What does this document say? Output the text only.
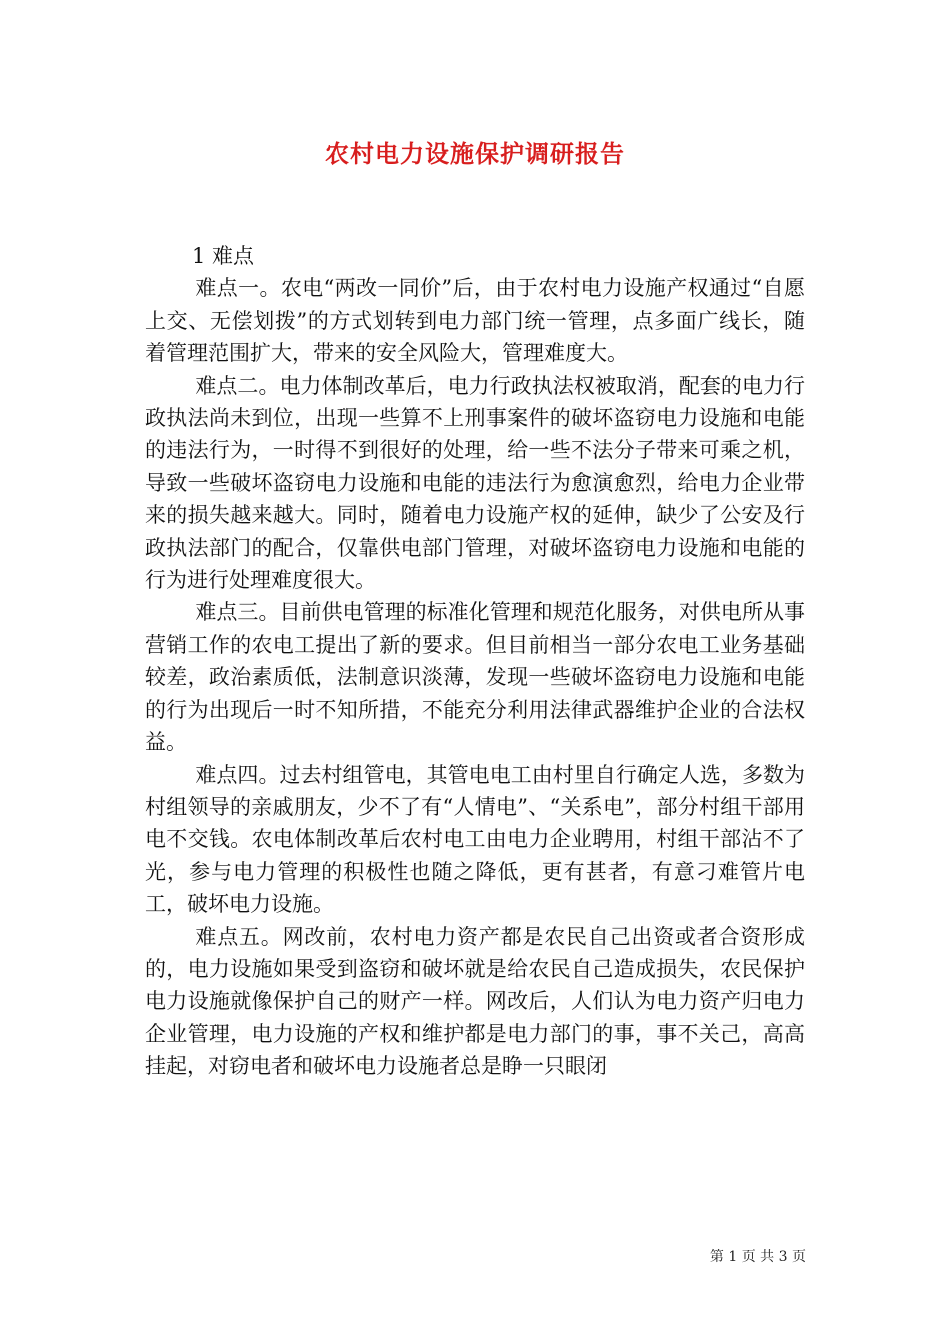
农村电力设施保护调研报告

1 难点

难点一。农电“两改一同价”后，由于农村电力设施产权通过“自愿上交、无偿划拨”的方式划转到电力部门统一管理，点多面广线长，随着管理范围扩大，带来的安全风险大，管理难度大。

难点二。电力体制改革后，电力行政执法权被取消，配套的电力行政执法尚未到位，出现一些算不上刑事案件的破坏盗窃电力设施和电能的违法行为，一时得不到很好的处理，给一些不法分子带来可乘之机，导致一些破坏盗窃电力设施和电能的违法行为愈演愈烈，给电力企业带来的损失越来越大。同时，随着电力设施产权的延伸，缺少了公安及行政执法部门的配合，仅靠供电部门管理，对破坏盗窃电力设施和电能的行为进行处理难度很大。

难点三。目前供电管理的标准化管理和规范化服务，对供电所从事营销工作的农电工提出了新的要求。但目前相当一部分农电工业务基础较差，政治素质低，法制意识淡薄，发现一些破坏盗窃电力设施和电能的行为出现后一时不知所措，不能充分利用法律武器维护企业的合法权益。

难点四。过去村组管电，其管电电工由村里自行确定人选，多数为村组领导的亲戚朋友，少不了有“人情电”、“关系电”，部分村组干部用电不交钱。农电体制改革后农村电工由电力企业聘用，村组干部沾不了光，参与电力管理的积极性也随之降低，更有甚者，有意刁难管片电工，破坏电力设施。

难点五。网改前，农村电力资产都是农民自己出资或者合资形成的，电力设施如果受到盗窃和破坏就是给农民自己造成损失，农民保护电力设施就像保护自己的财产一样。网改后，人们认为电力资产归电力企业管理，电力设施的产权和维护都是电力部门的事，事不关己，高高挂起，对窃电者和破坏电力设施者总是睁一只眼闭

第 1 页 共 3 页
